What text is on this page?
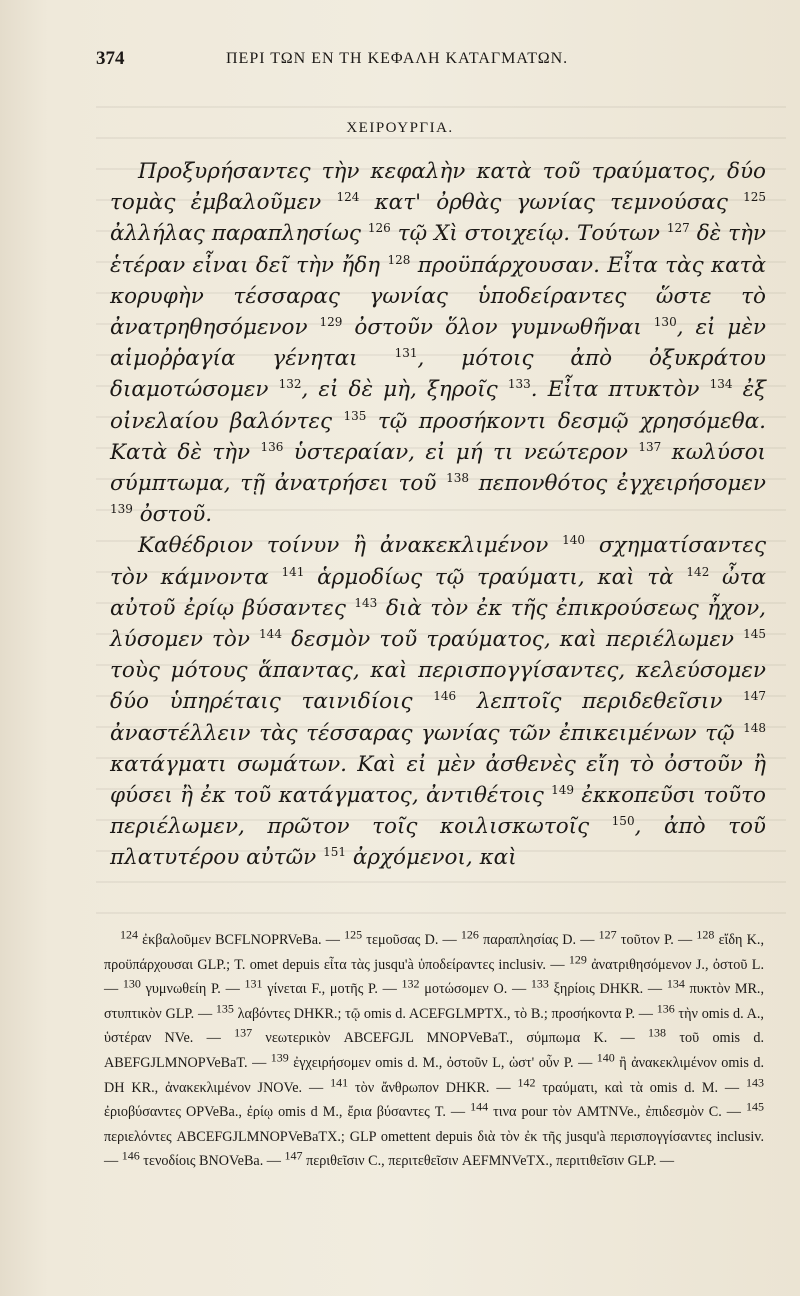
374	ΠΕΡΙ ΤΩΝ ΕΝ ΤΗ ΚΕΦΑΛΗ ΚΑΤΑΓΜΑΤΩΝ.
ΧΕΙΡΟΥΡΓΙΑ.

Προξυρήσαντες τὴν κεφαλὴν κατὰ τοῦ τραύματος, δύο τομὰς ἐμβαλοῦμεν $^{124}$ κατ' ὀρθὰς γωνίας τεμνούσας $^{125}$ ἀλλήλας παραπλησίως $^{126}$ τῷ Χὶ στοιχείῳ. Τούτων $^{127}$ δὲ τὴν ἑτέραν εἶναι δεῖ τὴν ἤδη $^{128}$ προϋπάρχουσαν. Εἶτα τὰς κατὰ κορυφὴν τέσσαρας γωνίας ὑποδείραντες ὥστε τὸ ἀνατρηθησόμενον $^{129}$ ὀστοῦν ὅλον γυμνωθῆναι $^{130}$, εἰ μὲν αἱμοῤῥαγία γένηται $^{131}$, μότοις ἀπὸ ὀξυκράτου διαμοτώσομεν $^{132}$, εἰ δὲ μὴ, ξηροῖς $^{133}$. Εἶτα πτυκτὸν $^{134}$ ἐξ οἰνελαίου βαλόντες $^{135}$ τῷ προσήκοντι δεσμῷ χρησόμεθα. Κατὰ δὲ τὴν $^{136}$ ὑστεραίαν, εἰ μή τι νεώτερον $^{137}$ κωλύσοι σύμπτωμα, τῇ ἀνατρήσει τοῦ $^{138}$ πεπονθότος ἐγχειρήσομεν $^{139}$ ὀστοῦ.

Καθέδριον τοίνυν ἢ ἀνακεκλιμένον $^{140}$ σχηματίσαντες τὸν κάμνοντα $^{141}$ ἁρμοδίως τῷ τραύματι, καὶ τὰ $^{142}$ ὦτα αὐτοῦ ἐρίῳ βύσαντες $^{143}$ διὰ τὸν ἐκ τῆς ἐπικρούσεως ἦχον, λύσομεν τὸν $^{144}$ δεσμὸν τοῦ τραύματος, καὶ περιέλωμεν $^{145}$ τοὺς μότους ἅπαντας, καὶ περισπογγίσαντες, κελεύσομεν δύο ὑπηρέταις ταινιδίοις $^{146}$ λεπτοῖς περιδεθεῖσιν $^{147}$ ἀναστέλλειν τὰς τέσσαρας γωνίας τῶν ἐπικειμένων τῷ $^{148}$ κατάγματι σωμάτων. Καὶ εἰ μὲν ἀσθενὲς εἴη τὸ ὀστοῦν ἢ φύσει ἢ ἐκ τοῦ κατάγματος, ἀντιθέτοις $^{149}$ ἐκκοπεῦσι τοῦτο περιέλωμεν, πρῶτον τοῖς κοιλισκωτοῖς $^{150}$, ἀπὸ τοῦ πλατυτέρου αὐτῶν $^{151}$ ἀρχόμενοι, καὶ

$^{124}$ ἐκβαλοῦμεν BCFLNOPRVeBa. — $^{125}$ τεμοῦσας D. — $^{126}$ παραπλησίας D. — $^{127}$ τοῦτον P. — $^{128}$ εἴδη K., προϋπάρχουσαι GLP.; T. omet depuis εἶτα τὰς jusqu'à ὑποδείραντες inclusiv. — $^{129}$ ἀνατριθησόμενον J., ὀστοῦ L. — $^{130}$ γυμνωθείη P. — $^{131}$ γίνεται F., μοτῆς P. — $^{132}$ μοτώσομεν O. — $^{133}$ ξηρίοις DHKR. — $^{134}$ πυκτὸν MR., στυπτικὸν GLP. — $^{135}$ λαβόντες DHKR.; τῷ omis d. ACEFGLMPTX., τὸ B.; προσήκοντα P. — $^{136}$ τὴν omis d. A., ὑστέραν NVe. — $^{137}$ νεωτερικὸν ABCEFGJL MNOPVeBaT., σύμπωμα K. — $^{138}$ τοῦ omis d. ABEFGJLMNOPVeBaT. — $^{139}$ ἐγχειρήσομεν omis d. M., ὀστοῦν L, ὡστ' οὖν P. — $^{140}$ ἢ ἀνακεκλιμένον omis d. DH KR., ἀνακεκλιμένον JNOVe. — $^{141}$ τὸν ἄνθρωπον DHKR. — $^{142}$ τραύματι, καὶ τὰ omis d. M. — $^{143}$ ἐριοβύσαντες OPVeBa., ἐρίῳ omis d M., ἔρια βύσαντες T. — $^{144}$ τινα pour τὸν AMTNVe., ἐπιδεσμὸν C. — $^{145}$ περιελόντες ABCEFGJLMNOPVeBaTX.; GLP omettent depuis διὰ τὸν ἐκ τῆς jusqu'à περισπογγίσαντες inclusiv. — $^{146}$ τενοδίοις BNOVeBa. — $^{147}$ περιθεῖσιν C., περιτεθεῖσιν AEFMNVeTX., περιτιθεῖσιν GLP. —
